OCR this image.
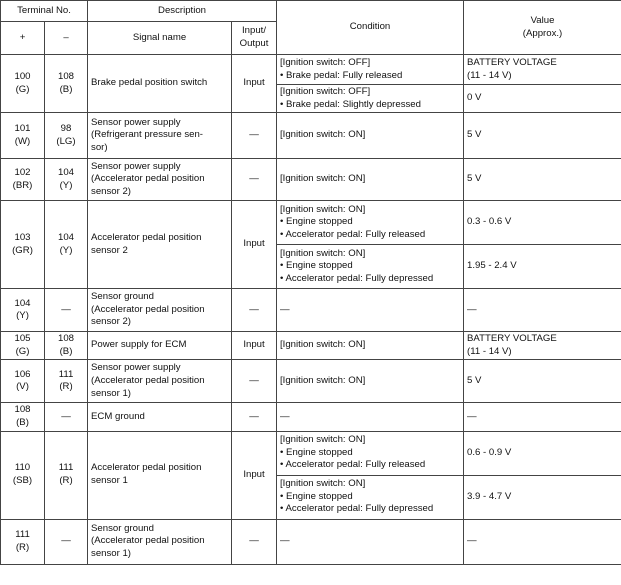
Terminal No.		Description		Condition	Value
(Approx.)
+	–	Signal name	Input/
Output		
100
(G)	108
(B)	Brake pedal position switch	Input	[Ignition switch: OFF]
• Brake pedal: Fully released	BATTERY VOLTAGE
(11 - 14 V)
				[Ignition switch: OFF]
• Brake pedal: Slightly depressed	0 V
101
(W)	98
(LG)	Sensor power supply
(Refrigerant pressure sen-
sor)	—	[Ignition switch: ON]	5 V
102
(BR)	104
(Y)	Sensor power supply
(Accelerator pedal position
sensor 2)	—	[Ignition switch: ON]	5 V
103
(GR)	104
(Y)	Accelerator pedal position
sensor 2	Input	[Ignition switch: ON]
• Engine stopped
• Accelerator pedal: Fully released	0.3 - 0.6 V
				[Ignition switch: ON]
• Engine stopped
• Accelerator pedal: Fully depressed	1.95 - 2.4 V
104
(Y)	—	Sensor ground
(Accelerator pedal position
sensor 2)	—	—	—
105
(G)	108
(B)	Power supply for ECM	Input	[Ignition switch: ON]	BATTERY VOLTAGE
(11 - 14 V)
106
(V)	111
(R)	Sensor power supply
(Accelerator pedal position
sensor 1)	—	[Ignition switch: ON]	5 V
108
(B)	—	ECM ground	—	—	—
110
(SB)	111
(R)	Accelerator pedal position
sensor 1	Input	[Ignition switch: ON]
• Engine stopped
• Accelerator pedal: Fully released	0.6 - 0.9 V
				[Ignition switch: ON]
• Engine stopped
• Accelerator pedal: Fully depressed	3.9 - 4.7 V
111
(R)	—	Sensor ground
(Accelerator pedal position
sensor 1)	—	—	—
